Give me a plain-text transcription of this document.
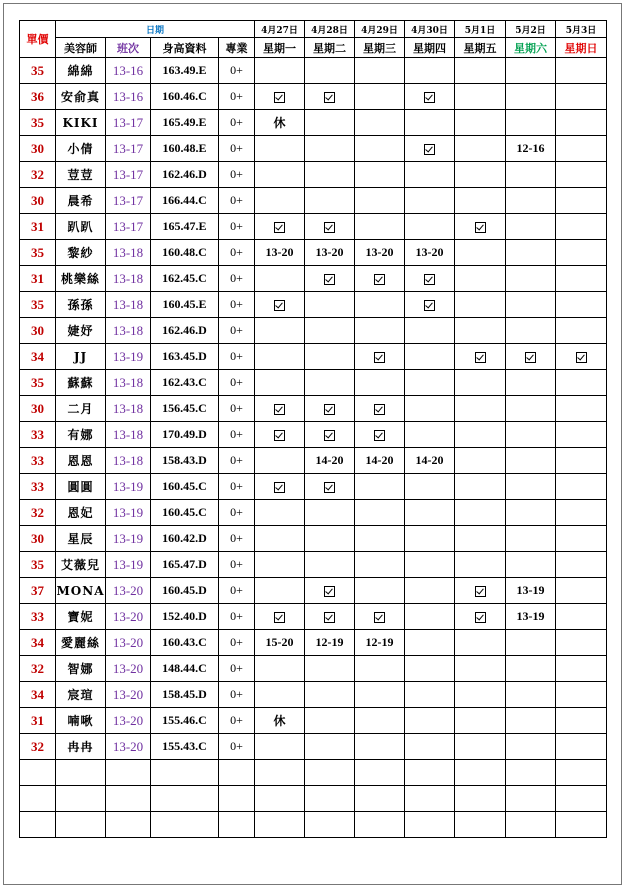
單價	日期				4月27日	4月28日	4月29日	4月30日	5月1日	5月2日	5月3日
	美容師	班次	身高資料	專業	星期一	星期二	星期三	星期四	星期五	星期六	星期日
35	綿綿	13-16	163.49.E	0+							
36	安俞真	13-16	160.46.C	0+							
35	KIKI	13-17	165.49.E	0+	休						
30	小倩	13-17	160.48.E	0+						12-16	
32	荳荳	13-17	162.46.D	0+							
30	晨希	13-17	166.44.C	0+							
31	趴趴	13-17	165.47.E	0+							
35	黎紗	13-18	160.48.C	0+	13-20	13-20	13-20	13-20			
31	桃樂絲	13-18	162.45.C	0+							
35	孫孫	13-18	160.45.E	0+							
30	婕妤	13-18	162.46.D	0+							
34	JJ	13-19	163.45.D	0+							
35	蘇蘇	13-18	162.43.C	0+							
30	二月	13-18	156.45.C	0+							
33	有娜	13-18	170.49.D	0+							
33	恩恩	13-18	158.43.D	0+		14-20	14-20	14-20			
33	圓圓	13-19	160.45.C	0+							
32	恩妃	13-19	160.45.C	0+							
30	星辰	13-19	160.42.D	0+							
35	艾薇兒	13-19	165.47.D	0+							
37	MONA	13-20	160.45.D	0+						13-19	
33	寶妮	13-20	152.40.D	0+						13-19	
34	愛麗絲	13-20	160.43.C	0+	15-20	12-19	12-19				
32	智娜	13-20	148.44.C	0+							
34	宸瑄	13-20	158.45.D	0+							
31	喃啾	13-20	155.46.C	0+	休						
32	冉冉	13-20	155.43.C	0+							
